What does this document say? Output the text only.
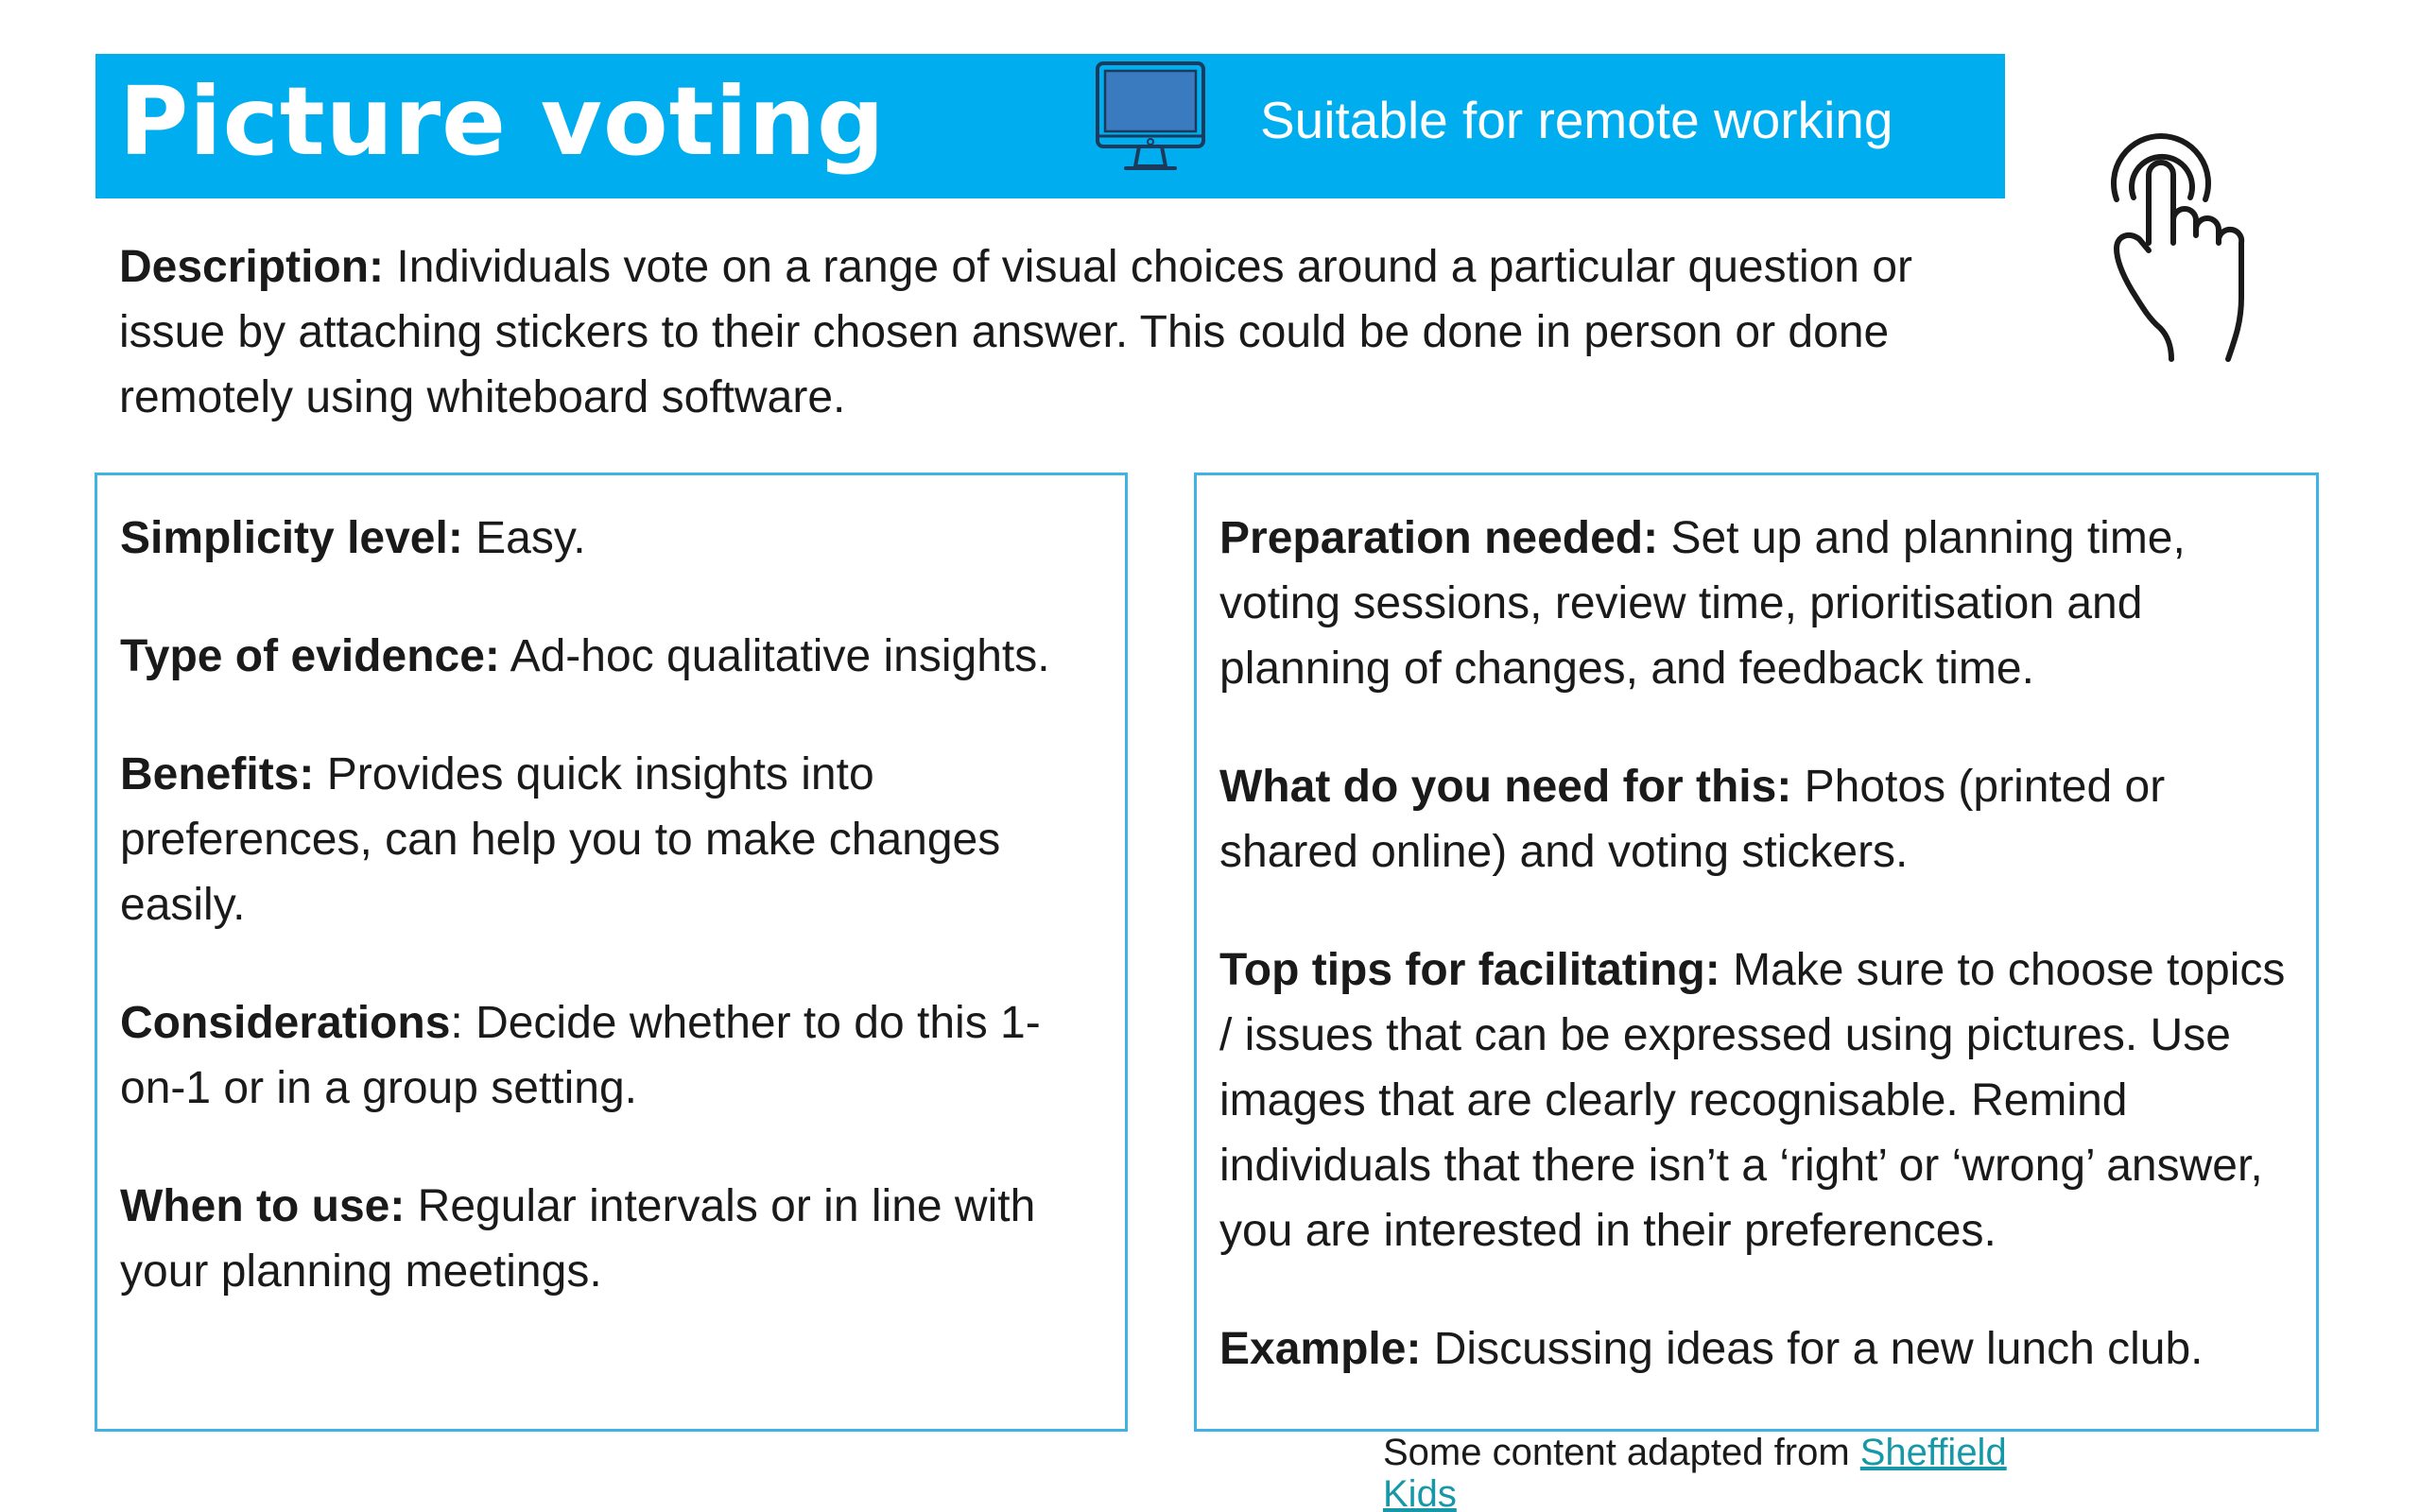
Picture voting	Suitable for remote working
Description: Individuals vote on a range of visual choices around a particular question or issue by attaching stickers to their chosen answer. This could be done in person or done remotely using whiteboard software.

Simplicity level: Easy.

Type of evidence: Ad-hoc qualitative insights.

Benefits: Provides quick insights into preferences, can help you to make changes easily.

Considerations: Decide whether to do this 1-on-1 or in a group setting.

When to use: Regular intervals or in line with your planning meetings.

Preparation needed: Set up and planning time, voting sessions, review time, prioritisation and planning of changes, and feedback time.

What do you need for this: Photos (printed or shared online) and voting stickers.

Top tips for facilitating: Make sure to choose topics / issues that can be expressed using pictures. Use images that are clearly recognisable. Remind individuals that there isn’t a ‘right’ or ‘wrong’ answer, you are interested in their preferences.

Example: Discussing ideas for a new lunch club.

Some content adapted from Sheffield Kids
